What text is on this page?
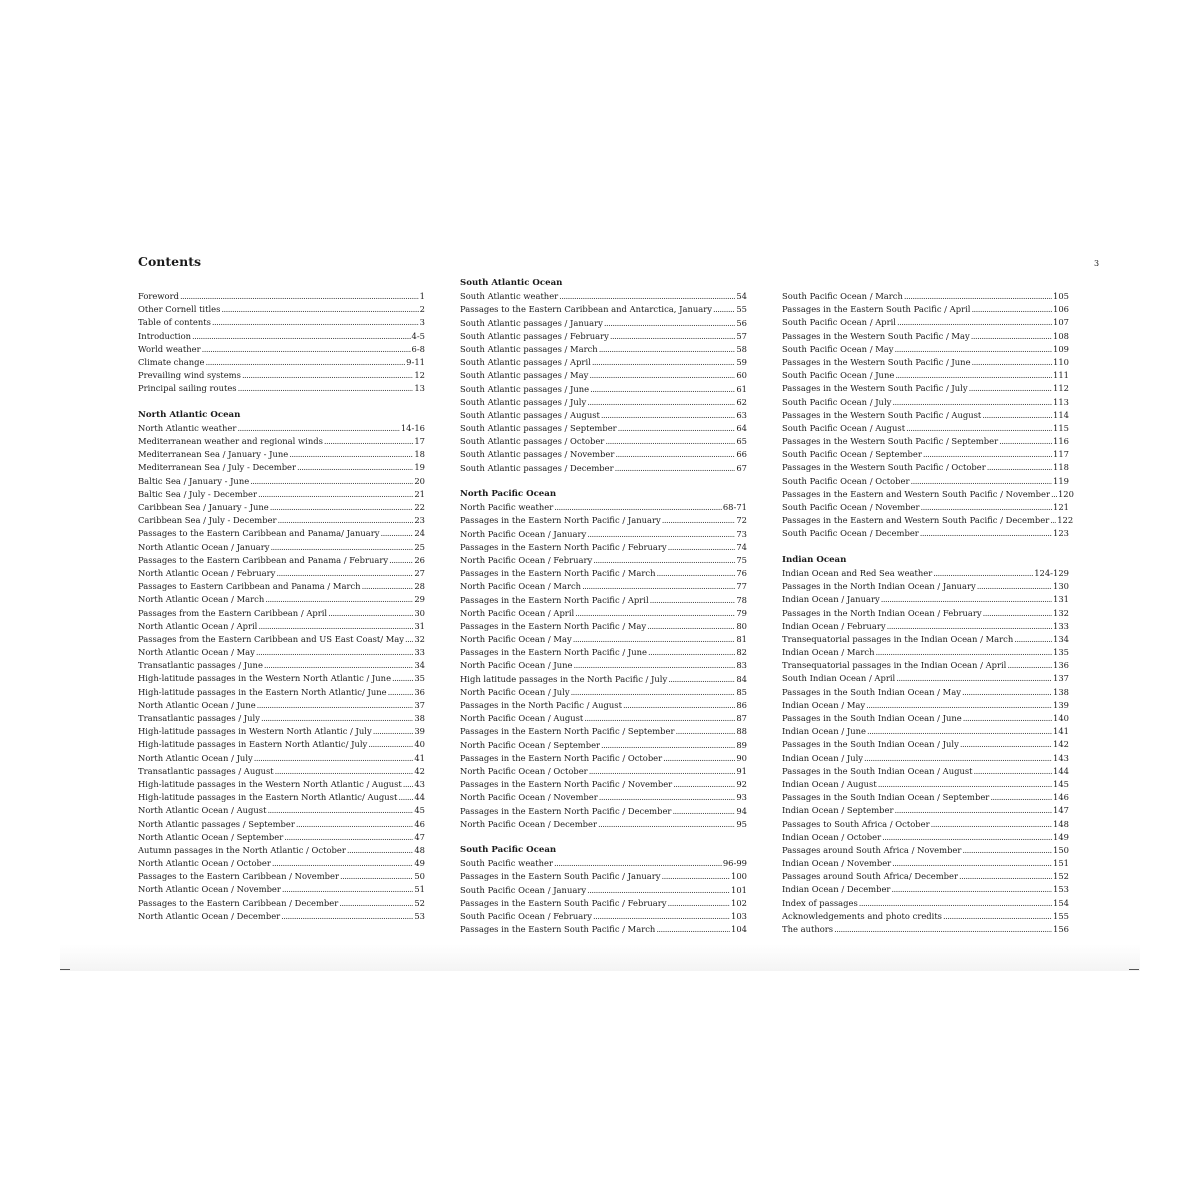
Contents	3
Foreword . . .	1
Other Cornell titles . . .	2
Table of contents . . .	3
Introduction . . .	4-5
World weather . . .	6-8
Climate change . . .	9-11
Prevailing wind systems . . .	12
Principal sailing routes . . .	13
North Atlantic Ocean
North Atlantic weather . . .	14-16
Mediterranean weather and regional winds . . .	17
Mediterranean Sea / January - June . . .	18
Mediterranean Sea / July - December . . .	19
Baltic Sea / January - June . . .	20
Baltic Sea / July - December . . .	21
Caribbean Sea / January - June . . .	22
Caribbean Sea / July - December . . .	23
Passages to the Eastern Caribbean and Panama/ January . . .	24
North Atlantic Ocean / January . . .	25
Passages to the Eastern Caribbean and Panama / February . . .	26
North Atlantic Ocean / February . . .	27
Passages to Eastern Caribbean and Panama / March . . .	28
North Atlantic Ocean / March . . .	29
Passages from the Eastern Caribbean / April . . .	30
North Atlantic Ocean / April . . .	31
Passages from the Eastern Caribbean and US East Coast/ May . . . 32
North Atlantic Ocean / May . . .	33
Transatlantic passages / June . . .	34
High-latitude passages in the Western North Atlantic / June . . .	35
High-latitude passages in the Eastern North Atlantic/ June . . .	36
North Atlantic Ocean / June . . .	37
Transatlantic passages / July . . .	38
High-latitude passages in Western North Atlantic / July . . .	39
High-latitude passages in Eastern North Atlantic/ July . . .	40
North Atlantic Ocean / July . . .	41
Transatlantic passages / August . . .	42
High-latitude passages in the Western North Atlantic / August . . . 43
High-latitude passages in the Eastern North Atlantic/ August . . . 44
North Atlantic Ocean / August . . .	45
North Atlantic passages / September . . .	46
North Atlantic Ocean / September . . .	47
Autumn passages in the North Atlantic / October . . .	48
North Atlantic Ocean / October . . .	49
Passages to the Eastern Caribbean / November . . .	50
North Atlantic Ocean / November . . .	51
Passages to the Eastern Caribbean / December . . .	52
North Atlantic Ocean / December . . .	53
South Atlantic Ocean
South Atlantic weather . . .	54
Passages to the Eastern Caribbean and Antarctica, January . . .	55
South Atlantic passages / January . . .	56
South Atlantic passages / February . . .	57
South Atlantic passages / March . . .	58
South Atlantic passages / April . . .	59
South Atlantic passages / May . . .	60
South Atlantic passages / June . . .	61
South Atlantic passages / July . . .	62
South Atlantic passages / August . . .	63
South Atlantic passages / September . . .	64
South Atlantic passages / October . . .	65
South Atlantic passages / November . . .	66
South Atlantic passages / December . . .	67
North Pacific Ocean
North Pacific weather . . .	68-71
Passages in the Eastern North Pacific / January . . .	72
North Pacific Ocean / January . . .	73
Passages in the Eastern North Pacific / February . . .	74
North Pacific Ocean / February . . .	75
Passages in the Eastern North Pacific / March . . .	76
North Pacific Ocean / March . . .	77
Passages in the Eastern North Pacific / April . . .	78
North Pacific Ocean / April . . .	79
Passages in the Eastern North Pacific / May . . .	80
North Pacific Ocean / May . . .	81
Passages in the Eastern North Pacific / June . . .	82
North Pacific Ocean / June . . .	83
High latitude passages in the North Pacific / July . . .	84
North Pacific Ocean / July . . .	85
Passages in the North Pacific / August . . .	86
North Pacific Ocean / August . . .	87
Passages in the Eastern North Pacific / September . . .	88
North Pacific Ocean / September . . .	89
Passages in the Eastern North Pacific / October . . .	90
North Pacific Ocean / October . . .	91
Passages in the Eastern North Pacific / November . . .	92
North Pacific Ocean / November . . .	93
Passages in the Eastern North Pacific / December . . .	94
North Pacific Ocean / December . . .	95
South Pacific Ocean
South Pacific weather . . .	96-99
Passages in the Eastern South Pacific / January . . .	100
South Pacific Ocean / January . . .	101
Passages in the Eastern South Pacific / February . . .	102
South Pacific Ocean / February . . .	103
Passages in the Eastern South Pacific / March . . .	104
South Pacific Ocean / March . . .	105
Passages in the Eastern South Pacific / April . . .	106
South Pacific Ocean / April . . .	107
Passages in the Western South Pacific / May . . .	108
South Pacific Ocean / May . . .	109
Passages in the Western South Pacific / June . . .	110
South Pacific Ocean / June . . .	111
Passages in the Western South Pacific / July . . .	112
South Pacific Ocean / July . . .	113
Passages in the Western South Pacific / August . . .	114
South Pacific Ocean / August . . .	115
Passages in the Western South Pacific / September . . .	116
South Pacific Ocean / September . . .	117
Passages in the Western South Pacific / October . . .	118
South Pacific Ocean / October . . .	119
Passages in the Eastern and Western South Pacific / November . . . 120
South Pacific Ocean / November . . .	121
Passages in the Eastern and Western South Pacific / December . . . 122
South Pacific Ocean / December . . .	123
Indian Ocean
Indian Ocean and Red Sea weather . . .	124-129
Passages in the North Indian Ocean / January . . .	130
Indian Ocean / January . . .	131
Passages in the North Indian Ocean / February . . .	132
Indian Ocean / February . . .	133
Transequatorial passages in the Indian Ocean / March . . .	134
Indian Ocean / March . . .	135
Transequatorial passages in the Indian Ocean / April . . .	136
South Indian Ocean / April . . .	137
Passages in the South Indian Ocean / May . . .	138
Indian Ocean / May . . .	139
Passages in the South Indian Ocean / June . . .	140
Indian Ocean / June . . .	141
Passages in the South Indian Ocean / July . . .	142
Indian Ocean / July . . .	143
Passages in the South Indian Ocean / August . . .	144
Indian Ocean / August . . .	145
Passages in the South Indian Ocean / September . . .	146
Indian Ocean / September . . .	147
Passages to South Africa / October . . .	148
Indian Ocean / October . . .	149
Passages around South Africa / November . . .	150
Indian Ocean / November . . .	151
Passages around South Africa/ December . . .	152
Indian Ocean / December . . .	153
Index of passages . . .	154
Acknowledgements and photo credits . . .	155
The authors . . .	156
